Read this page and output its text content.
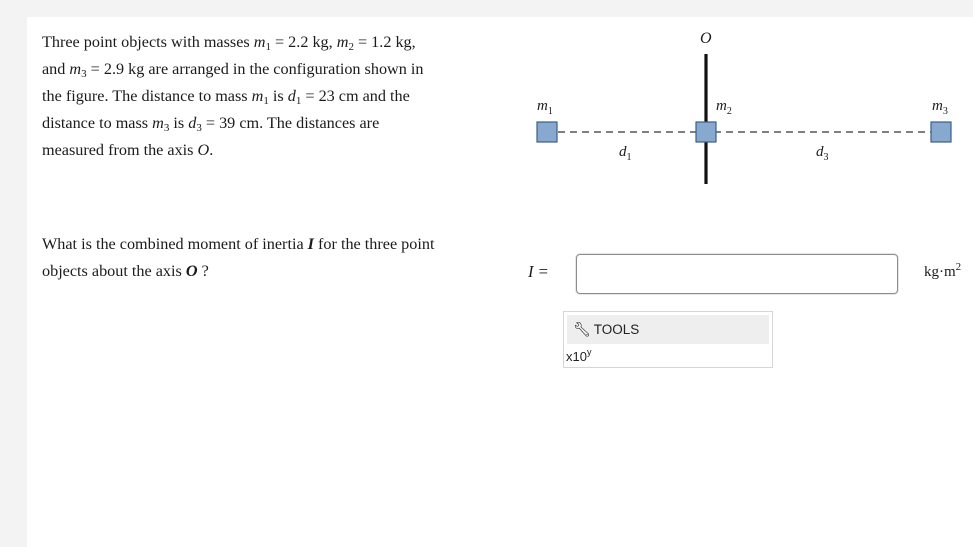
Three point objects with masses $m_1 = 2.2$ kg, $m_2 = 1.2$ kg,

and $m_3 = 2.9$ kg are arranged in the configuration shown in

the figure. The distance to mass $m_1$ is $d_1 = 23$ cm and the

distance to mass $m_3$ is $d_3 = 39$ cm. The distances are

measured from the axis O.

O
$m_1$	$m_2$	$m_3$
$d_1$	$d_3$

What is the combined moment of inertia I for the three point

objects about the axis O ?	I =	$kg\cdot m^2$
🔧︎ TOOLS
x10$^y$
